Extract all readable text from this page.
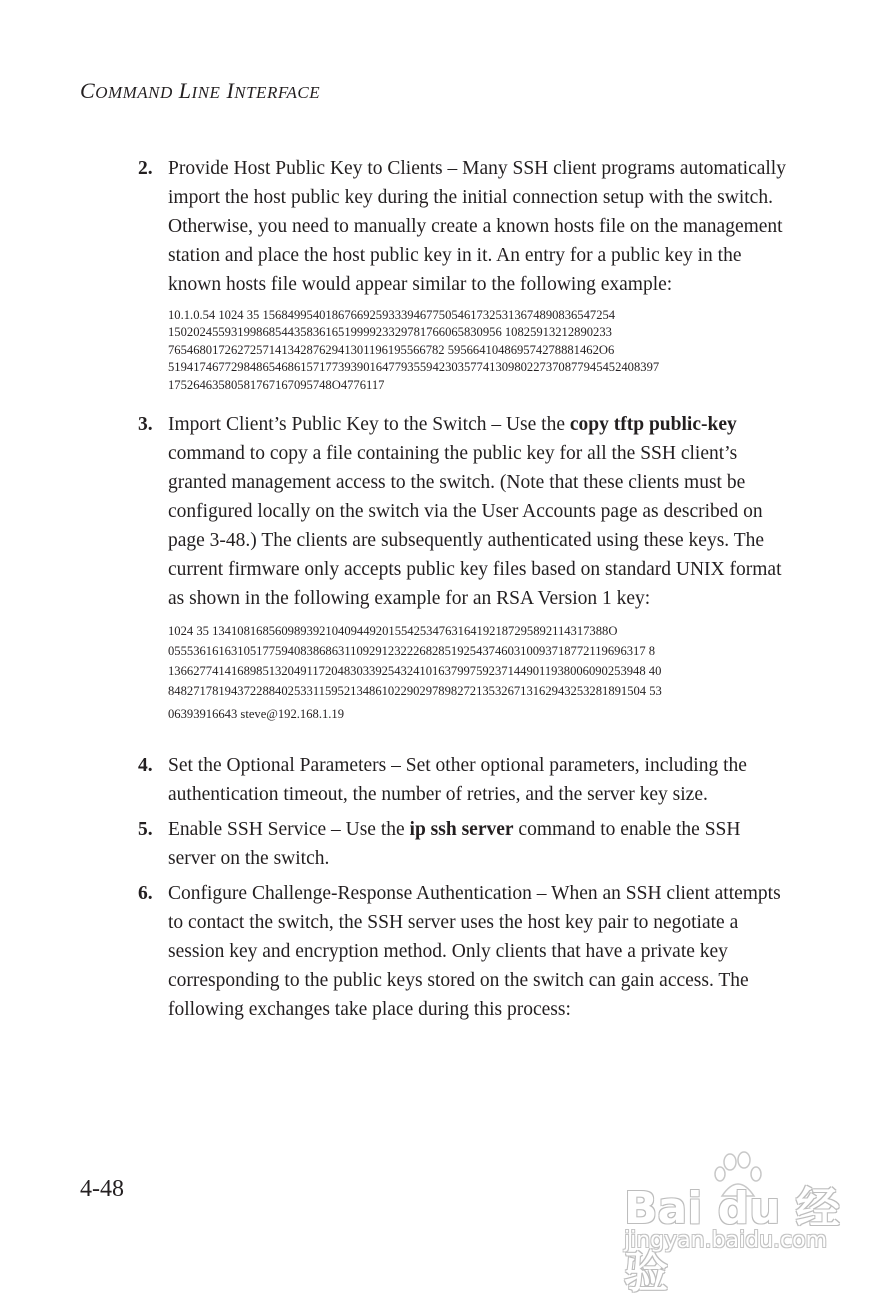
COMMAND LINE INTERFACE
2. Provide Host Public Key to Clients – Many SSH client programs automatically import the host public key during the initial connection setup with the switch. Otherwise, you need to manually create a known hosts file on the management station and place the host public key in it. An entry for a public key in the known hosts file would appear similar to the following example:
10.1.0.54 1024 35 15684995401867669259333946775054617325313674890836547254
15020245593199868544358361651999923329781766065830956 10825913212890233
76546801726272571413428762941301196195566782 595664104869574278881462O6
519417467729848654686157177393901647793559423035774130980227370877945452408397
17526463580581767167095748O4776117
3. Import Client’s Public Key to the Switch – Use the copy tftp public-key command to copy a file containing the public key for all the SSH client’s granted management access to the switch. (Note that these clients must be configured locally on the switch via the User Accounts page as described on page 3-48.) The clients are subsequently authenticated using these keys. The current firmware only accepts public key files based on standard UNIX format as shown in the following example for an RSA Version 1 key:
1024 35 134108168560989392104094492015542534763164192187295892114317388O
0555361616310517759408386863110929123222682851925437460310093718772119696317 8
1366277414168985132049117204830339254324101637997592371449011938006090253948 40
8482717819437228840253311595213486102290297898272135326713162943253281891504 53
06393916643 steve@192.168.1.19
4. Set the Optional Parameters – Set other optional parameters, including the authentication timeout, the number of retries, and the server key size.
5. Enable SSH Service – Use the ip ssh server command to enable the SSH server on the switch.
6. Configure Challenge-Response Authentication – When an SSH client attempts to contact the switch, the SSH server uses the host key pair to negotiate a session key and encryption method. Only clients that have a private key corresponding to the public keys stored on the switch can gain access. The following exchanges take place during this process:
4-48	Bai du 经验
jingyan.baidu.com
